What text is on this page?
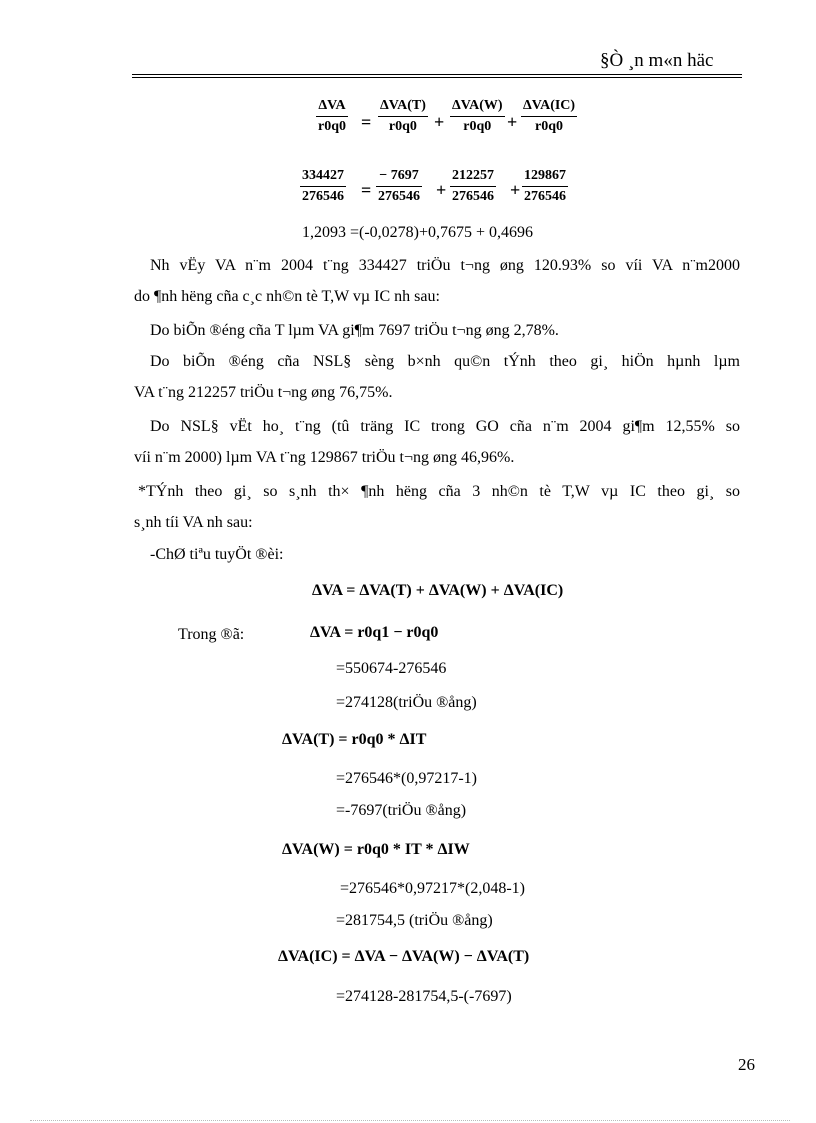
§Ò ¸n m«n häc
ΔVA
r0q0 =
ΔVA(T)
r0q0 +
ΔVA(W)
r0q0 +
ΔVA(IC)
r0q0
334427
276546 =
− 7697
276546 +
212257
276546 +
129867
276546
1,2093 =(-0,0278)+0,7675 + 0,4696
Nh vËy VA n¨m 2004 t¨ng 334427 triÖu t¬ng øng 120.93% so víi VA n¨m2000
do ¶nh hëng cña c¸c nh©n tè T,W vµ IC nh sau:
Do biÕn ®éng cña T lµm VA gi¶m 7697 triÖu t¬ng øng 2,78%.
Do biÕn ®éng cña NSL§ sèng b×nh qu©n tÝnh theo gi¸ hiÖn hµnh lµm
VA t¨ng 212257 triÖu t¬ng øng 76,75%.
Do NSL§ vËt ho¸ t¨ng (tû träng IC trong GO cña n¨m 2004 gi¶m 12,55% so
víi n¨m 2000) lµm VA t¨ng 129867 triÖu t¬ng øng 46,96%.
*TÝnh theo gi¸ so s¸nh th× ¶nh hëng cña 3 nh©n tè T,W vµ IC theo gi¸ so
s¸nh tíi VA nh sau:
-ChØ tiªu tuyÖt ®èi:
ΔVA = ΔVA(T) + ΔVA(W) + ΔVA(IC)
Trong ®ã:	ΔVA = r0q1 − r0q0
=550674-276546
=274128(triÖu ®ång)
ΔVA(T) = r0q0 * ΔIT
=276546*(0,97217-1)
=-7697(triÖu ®ång)
ΔVA(W) = r0q0 * IT * ΔIW
=276546*0,97217*(2,048-1)
=281754,5 (triÖu ®ång)
ΔVA(IC) = ΔVA − ΔVA(W) − ΔVA(T)
=274128-281754,5-(-7697)
26
